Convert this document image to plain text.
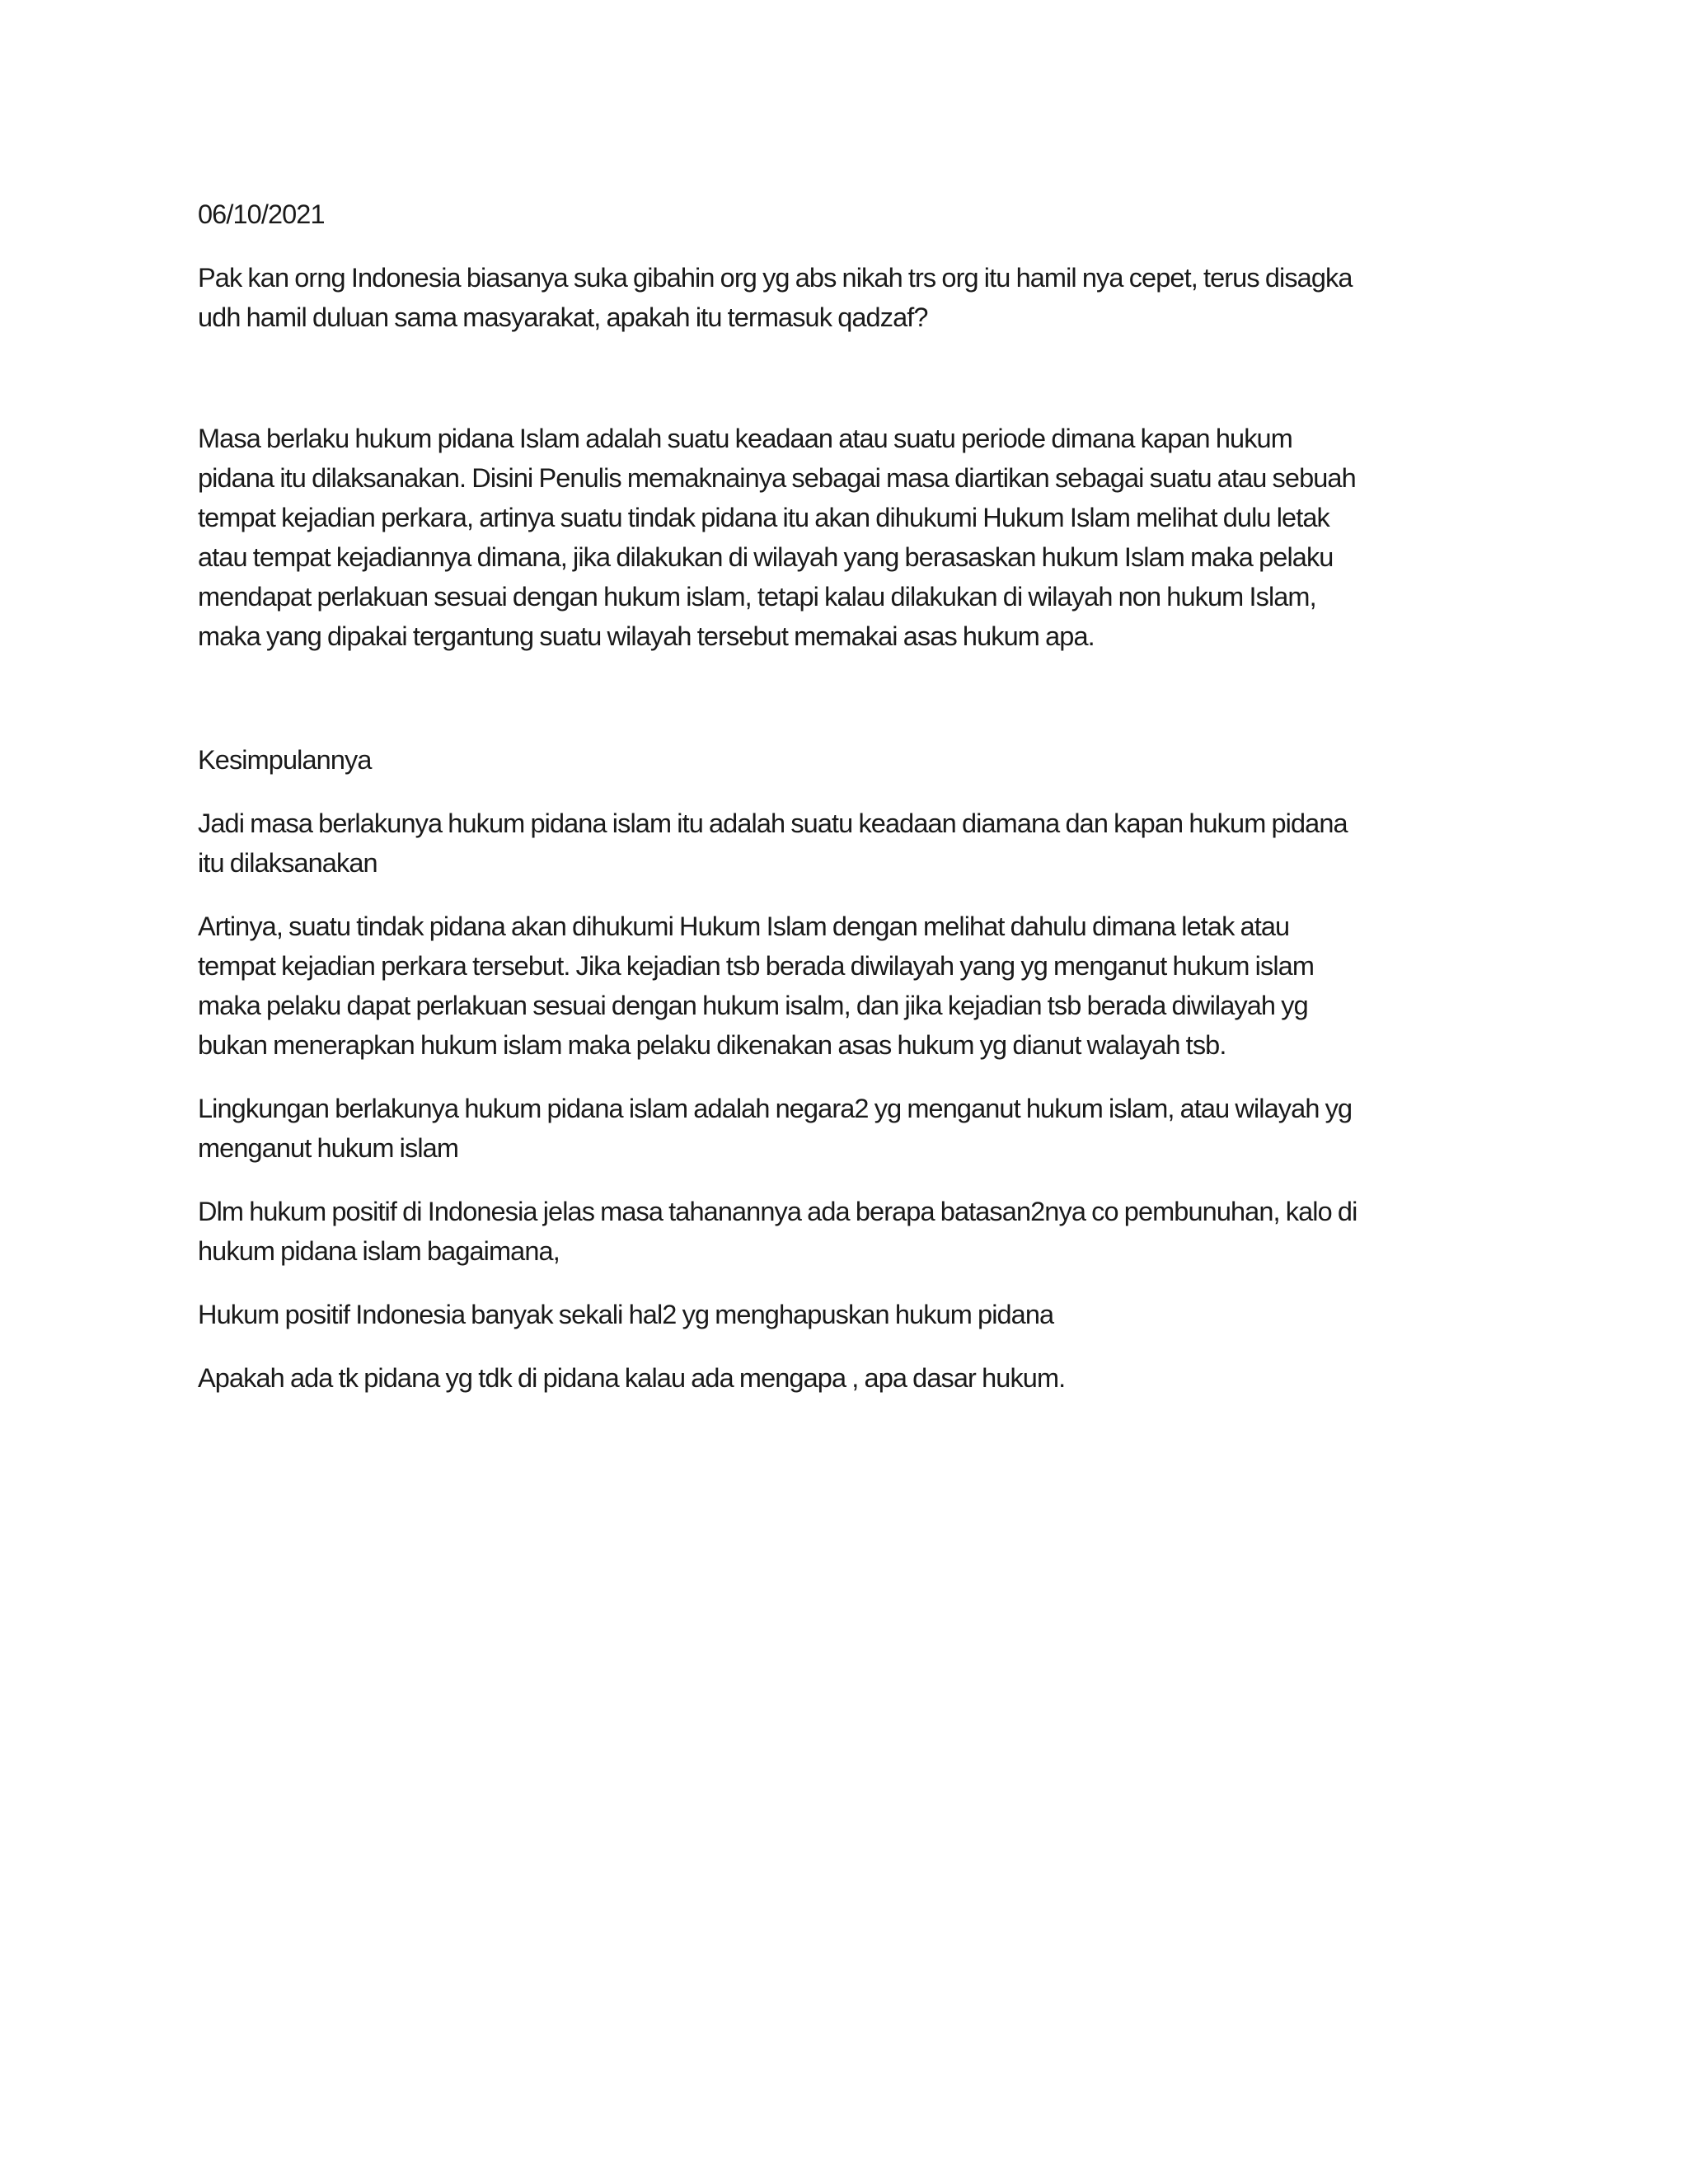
06/10/2021

Pak kan orng Indonesia biasanya suka gibahin org yg abs nikah trs org itu hamil nya cepet, terus disagka
udh hamil duluan sama masyarakat, apakah itu termasuk qadzaf?

Masa berlaku hukum pidana Islam adalah suatu keadaan atau suatu periode dimana kapan hukum
pidana itu dilaksanakan. Disini Penulis memaknainya sebagai masa diartikan sebagai suatu atau sebuah
tempat kejadian perkara, artinya suatu tindak pidana itu akan dihukumi Hukum Islam melihat dulu letak
atau tempat kejadiannya dimana, jika dilakukan di wilayah yang berasaskan hukum Islam maka pelaku
mendapat perlakuan sesuai dengan hukum islam, tetapi kalau dilakukan di wilayah non hukum Islam,
maka yang dipakai tergantung suatu wilayah tersebut memakai asas hukum apa.

Kesimpulannya

Jadi masa berlakunya hukum pidana islam itu adalah suatu keadaan diamana dan kapan hukum pidana
itu dilaksanakan

Artinya, suatu tindak pidana akan dihukumi Hukum Islam dengan melihat dahulu dimana letak atau
tempat kejadian perkara tersebut. Jika kejadian tsb berada diwilayah yang yg menganut hukum islam
maka pelaku dapat perlakuan sesuai dengan hukum isalm, dan jika kejadian tsb berada diwilayah yg
bukan menerapkan hukum islam maka pelaku dikenakan asas hukum yg dianut walayah tsb.

Lingkungan berlakunya hukum pidana islam adalah negara2 yg menganut hukum islam, atau wilayah yg
menganut hukum islam

Dlm hukum positif di Indonesia jelas masa tahanannya ada berapa batasan2nya co pembunuhan, kalo di
hukum pidana islam bagaimana,

Hukum positif Indonesia banyak sekali hal2 yg menghapuskan hukum pidana

Apakah ada tk pidana yg tdk di pidana kalau ada mengapa , apa dasar hukum.
